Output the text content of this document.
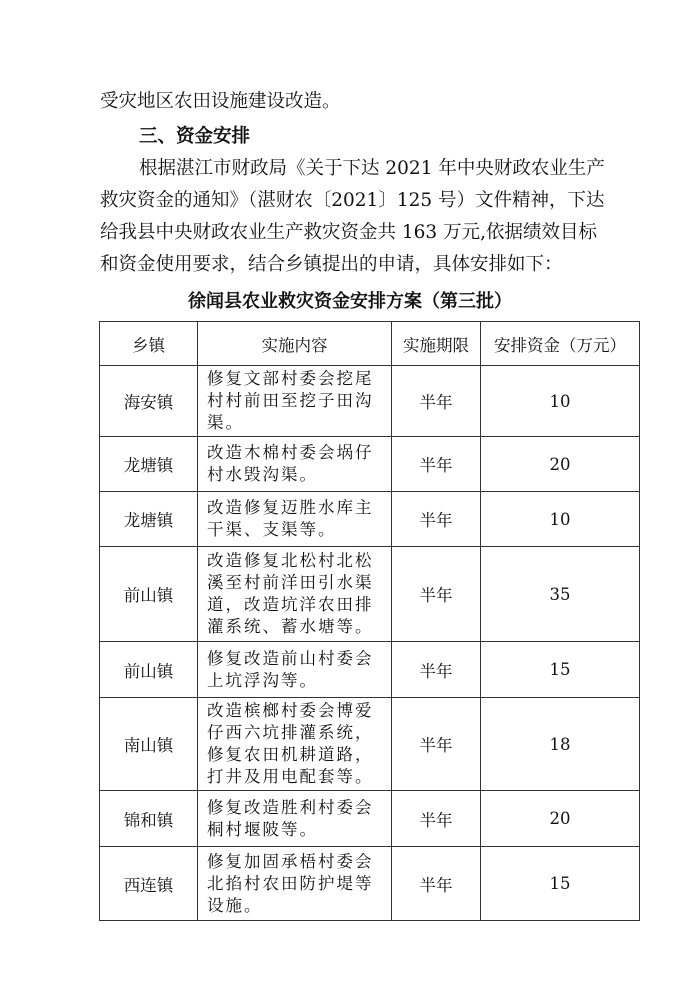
受灾地区农田设施建设改造。

三、资金安排

根据湛江市财政局《关于下达 2021 年中央财政农业生产

救灾资金的通知》（湛财农〔2021〕125 号）文件精神，下达

给我县中央财政农业生产救灾资金共 163 万元,依据绩效目标

和资金使用要求，结合乡镇提出的申请，具体安排如下：

徐闻县农业救灾资金安排方案（第三批）
乡镇	实施内容	实施期限	安排资金（万元）
海安镇	修复文部村委会挖尾村村前田至挖子田沟渠。	半年	10
龙塘镇	改造木棉村委会埚仔村水毁沟渠。	半年	20
龙塘镇	改造修复迈胜水库主干渠、支渠等。	半年	10
前山镇	改造修复北松村北松溪至村前洋田引水渠道，改造坑洋农田排灌系统、蓄水塘等。	半年	35
前山镇	修复改造前山村委会上坑浮沟等。	半年	15
南山镇	改造槟榔村委会博爱仔西六坑排灌系统，修复农田机耕道路，打井及用电配套等。	半年	18
锦和镇	修复改造胜利村委会桐村堰陂等。	半年	20
西连镇	修复加固承梧村委会北掐村农田防护堤等设施。	半年	15
